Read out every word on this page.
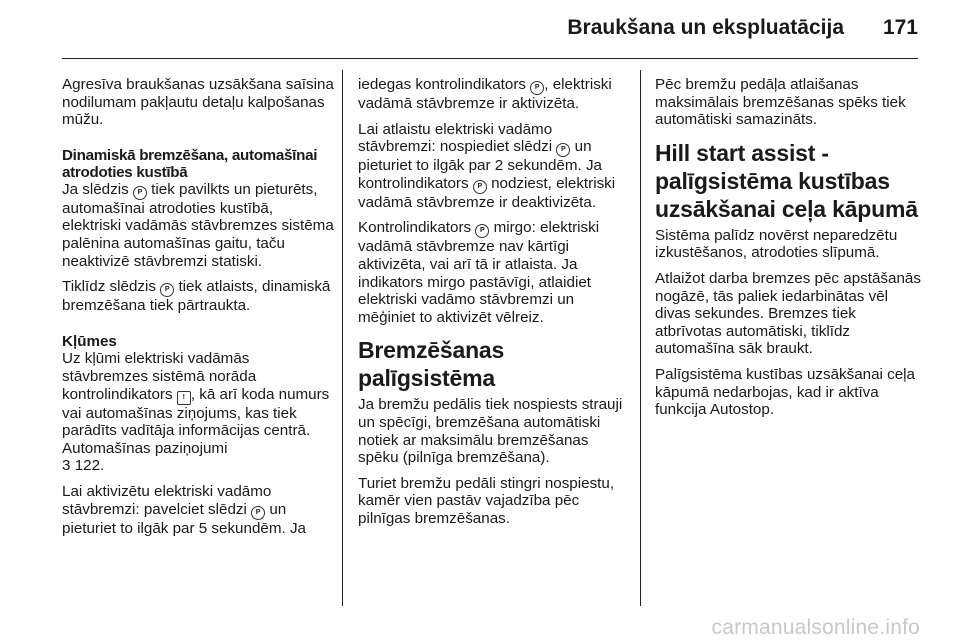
Braukšana un ekspluatācija 171

Agresīva braukšanas uzsākšana saīsina nodilumam pakļautu detaļu kalpošanas mūžu.

Dinamiskā bremzēšana, automašīnai atrodoties kustībā

Ja slēdzis P tiek pavilkts un pieturēts, automašīnai atrodoties kustībā, elektriski vadāmās stāvbremzes sistēma palēnina automašīnas gaitu, taču neaktivizē stāvbremzi statiski.

Tiklīdz slēdzis P tiek atlaists, dinamiskā bremzēšana tiek pārtraukta.

Kļūmes

Uz kļūmi elektriski vadāmās stāvbremzes sistēmā norāda kontrolindikators ! , kā arī koda numurs vai automašīnas ziņojums, kas tiek parādīts vadītāja informācijas centrā. Automašīnas paziņojumi
3 122.

Lai aktivizētu elektriski vadāmo stāvbremzi: pavelciet slēdzi P un pieturiet to ilgāk par 5 sekundēm. Ja

iedegas kontrolindikators P , elektriski vadāmā stāvbremze ir aktivizēta.

Lai atlaistu elektriski vadāmo stāvbremzi: nospiediet slēdzi P un pieturiet to ilgāk par 2 sekundēm. Ja kontrolindikators P nodziest, elektriski vadāmā stāvbremze ir deaktivizēta.

Kontrolindikators P mirgo: elektriski vadāmā stāvbremze nav kārtīgi aktivizēta, vai arī tā ir atlaista. Ja indikators mirgo pastāvīgi, atlaidiet elektriski vadāmo stāvbremzi un mēģiniet to aktivizēt vēlreiz.

Bremzēšanas palīgsistēma

Ja bremžu pedālis tiek nospiests strauji un spēcīgi, bremzēšana automātiski notiek ar maksimālu bremzēšanas spēku (pilnīga bremzēšana).

Turiet bremžu pedāli stingri nospiestu, kamēr vien pastāv vajadzība pēc pilnīgas bremzēšanas.

Pēc bremžu pedāļa atlaišanas maksimālais bremzēšanas spēks tiek automātiski samazināts.

Hill start assist - palīgsistēma kustības uzsākšanai ceļa kāpumā

Sistēma palīdz novērst neparedzētu izkustēšanos, atrodoties slīpumā.

Atlaižot darba bremzes pēc apstāšanās nogāzē, tās paliek iedarbinātas vēl divas sekundes. Bremzes tiek atbrīvotas automātiski, tiklīdz automašīna sāk braukt.

Palīgsistēma kustības uzsākšanai ceļa kāpumā nedarbojas, kad ir aktīva funkcija Autostop.

carmanualsonline.info
